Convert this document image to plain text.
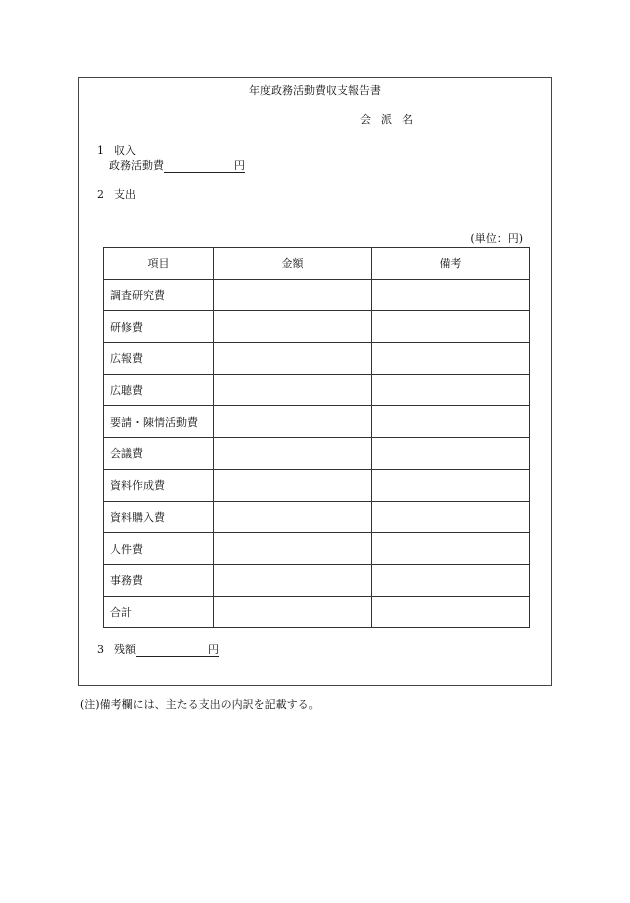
年度政務活動費収支報告書
会派名
1 収入
政務活動費	円
2 支出
(単位：円)
項目	金額	備考
調査研究費		
研修費		
広報費		
広聴費		
要請・陳情活動費		
会議費		
資料作成費		
資料購入費		
人件費		
事務費		
合計		
3 残額	円
(注)備考欄には、主たる支出の内訳を記載する。
